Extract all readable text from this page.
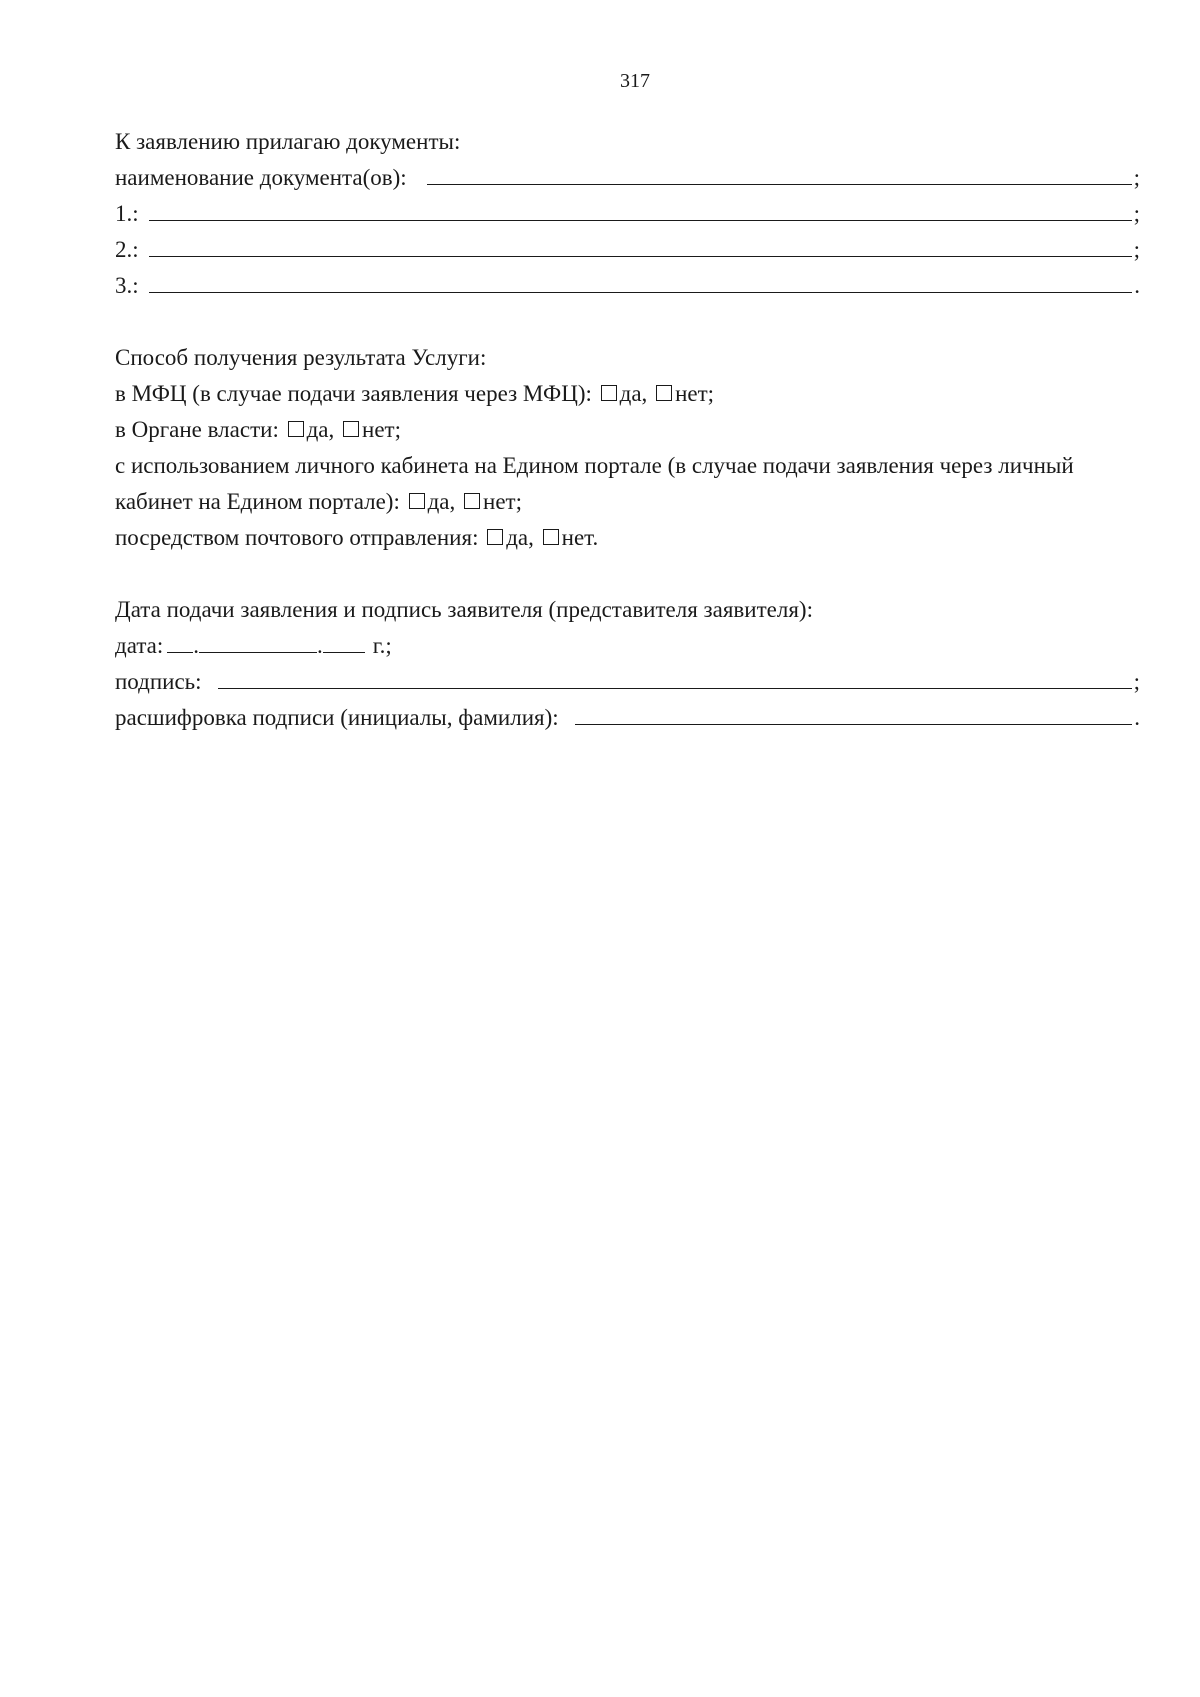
317
К заявлению прилагаю документы:
наименование документа(ов):	;
1.:	;
2.:	;
3.:	.
Способ получения результата Услуги:
в МФЦ (в случае подачи заявления через МФЦ):
да,
нет;
в Органе власти:
да,
нет;
с использованием личного кабинета на Едином портале (в случае подачи заявления через личный
кабинет на Едином портале):
да,
нет;
посредством почтового отправления:
да,
нет.
Дата подачи заявления и подпись заявителя (представителя заявителя):
дата: .	. г.;
подпись:	;
расшифровка подписи (инициалы, фамилия):	.
